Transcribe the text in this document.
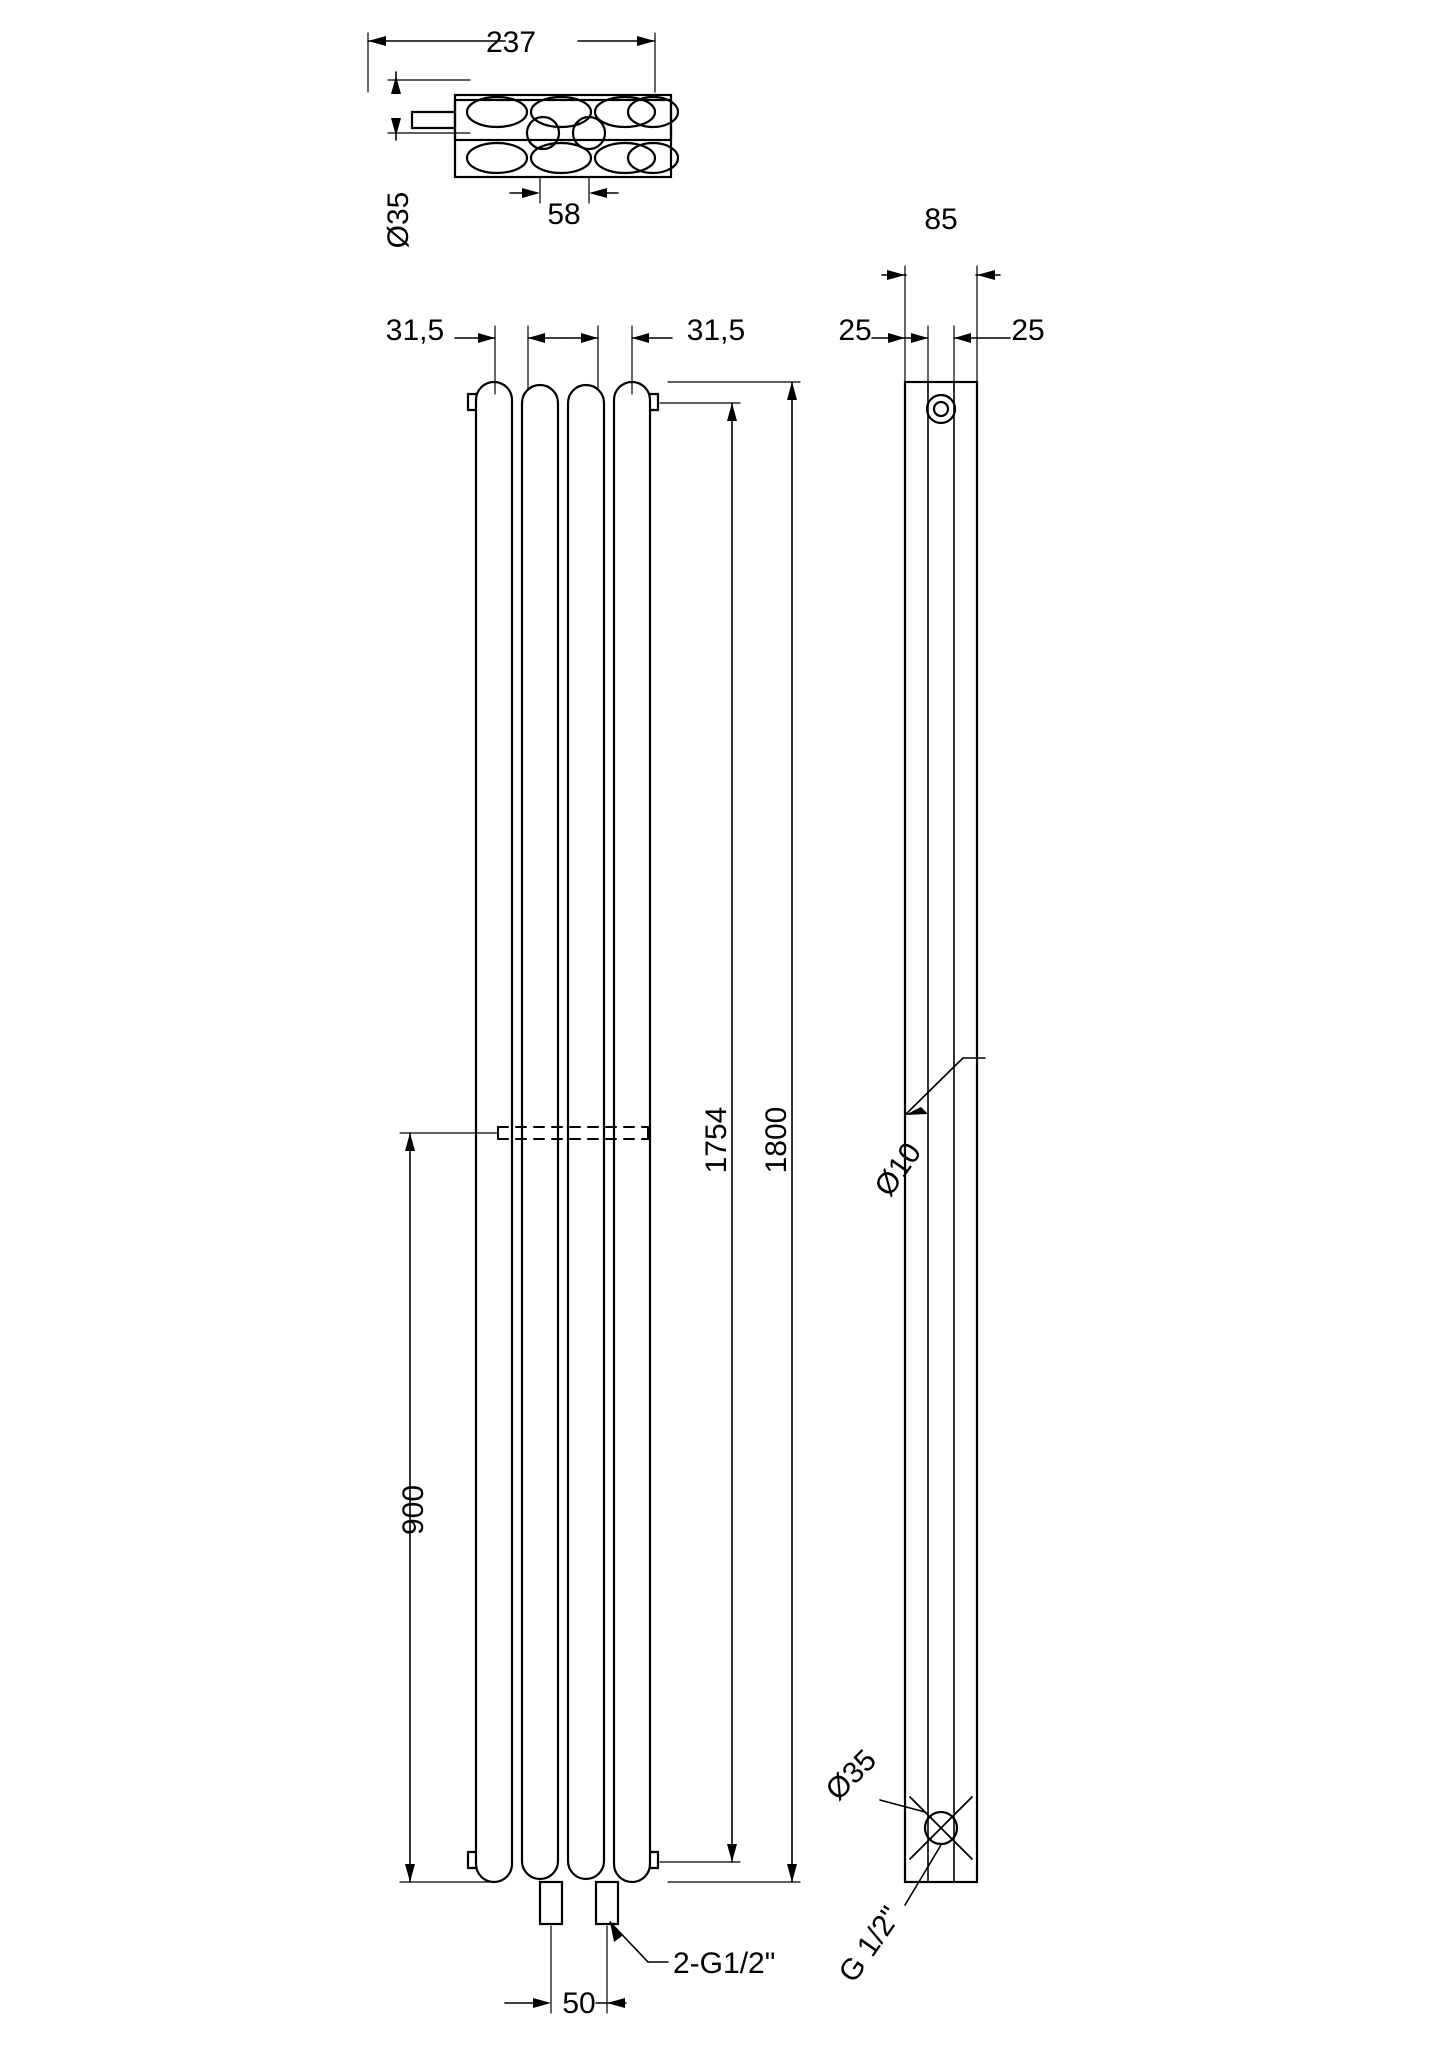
237
Ø35	58
31,5	31,5
1800
1754
900
2-G1/2"
50
85
25	25
Ø10
Ø35
G 1/2"
